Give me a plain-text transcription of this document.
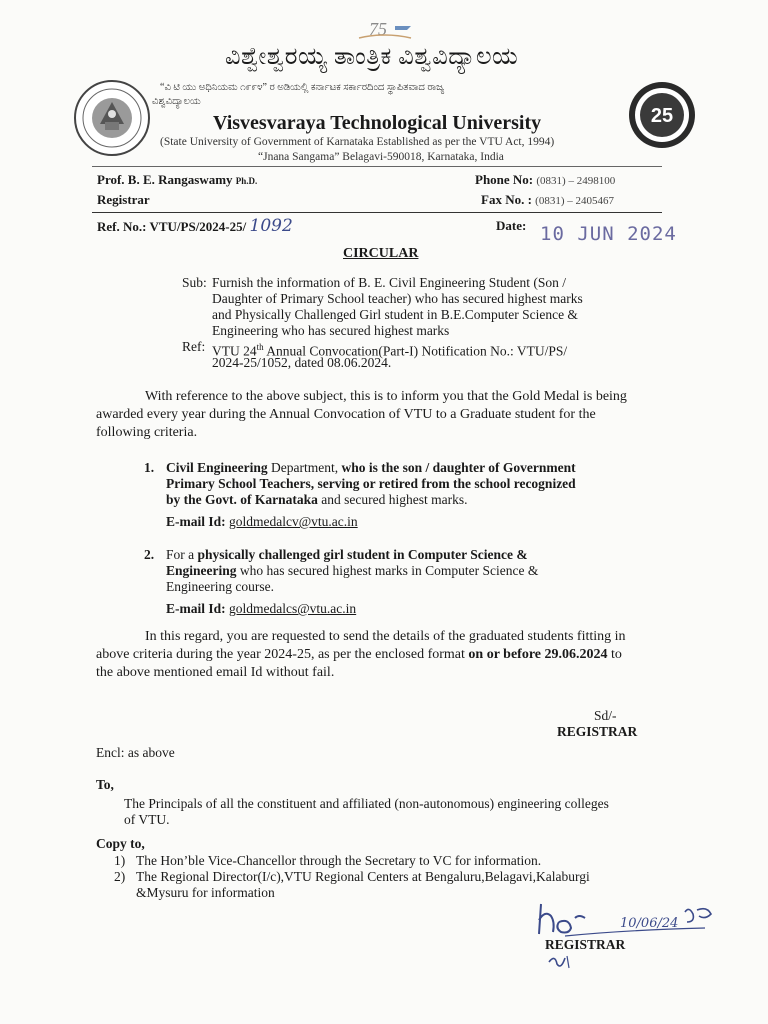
75
ವಿಶ್ವೇಶ್ವರಯ್ಯ ತಾಂತ್ರಿಕ ವಿಶ್ವವಿದ್ಯಾಲಯ
“ವಿ ಟಿ ಯು ಅಧಿನಿಯಮ ೧೯೯೪” ರ ಅಡಿಯಲ್ಲಿ ಕರ್ನಾಟಕ ಸರ್ಕಾರದಿಂದ ಸ್ಥಾಪಿತವಾದ ರಾಜ್ಯ
ವಿಶ್ವವಿದ್ಯಾಲಯ
25
Visvesvaraya Technological University
(State University of Government of Karnataka Established as per the VTU Act, 1994)
“Jnana Sangama” Belagavi-590018, Karnataka, India
Prof. B. E. Rangaswamy Ph.D.
Registrar
Phone No: (0831) – 2498100
Fax No. : (0831) – 2405467
Ref. No.: VTU/PS/2024-25/ 1092	Date: 10 JUN 2024
CIRCULAR
Sub: Furnish the information of B. E. Civil Engineering Student (Son /
Daughter of Primary School teacher) who has secured highest marks
and Physically Challenged Girl student in B.E.Computer Science &
Engineering who has secured highest marks
Ref: VTU 24th Annual Convocation(Part-I) Notification No.: VTU/PS/
2024-25/1052, dated 08.06.2024.
With reference to the above subject, this is to inform you that the Gold Medal is being
awarded every year during the Annual Convocation of VTU to a Graduate student for the
following criteria.
1. Civil Engineering Department, who is the son / daughter of Government
Primary School Teachers, serving or retired from the school recognized
by the Govt. of Karnataka and secured highest marks.
E-mail Id: goldmedalcv@vtu.ac.in
2. For a physically challenged girl student in Computer Science &
Engineering who has secured highest marks in Computer Science &
Engineering course.
E-mail Id: goldmedalcs@vtu.ac.in
In this regard, you are requested to send the details of the graduated students fitting in
above criteria during the year 2024-25, as per the enclosed format on or before 29.06.2024 to
the above mentioned email Id without fail.
Sd/-
REGISTRAR
Encl: as above
To,
The Principals of all the constituent and affiliated (non-autonomous) engineering colleges
of VTU.
Copy to,
1) The Hon’ble Vice-Chancellor through the Secretary to VC for information.
2) The Regional Director(I/c),VTU Regional Centers at Bengaluru,Belagavi,Kalaburgi
&Mysuru for information
10/06/24
REGISTRAR
